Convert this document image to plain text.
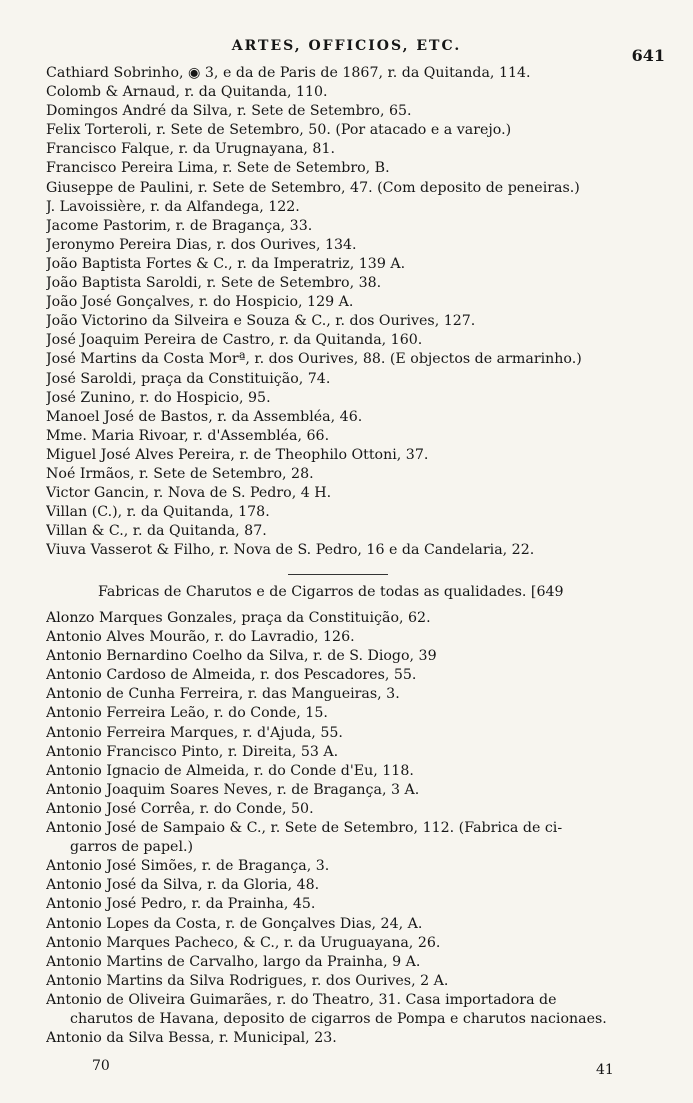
ARTES, OFFICIOS, ETC.	641
Cathiard Sobrinho, ◉ 3, e da de Paris de 1867, r. da Quitanda, 114.
Colomb & Arnaud, r. da Quitanda, 110.
Domingos André da Silva, r. Sete de Setembro, 65.
Felix Torteroli, r. Sete de Setembro, 50. (Por atacado e a varejo.)
Francisco Falque, r. da Urugnayana, 81.
Francisco Pereira Lima, r. Sete de Setembro, B.
Giuseppe de Paulini, r. Sete de Setembro, 47. (Com deposito de peneiras.)
J. Lavoissière, r. da Alfandega, 122.
Jacome Pastorim, r. de Bragança, 33.
Jeronymo Pereira Dias, r. dos Ourives, 134.
João Baptista Fortes & C., r. da Imperatriz, 139 A.
João Baptista Saroldi, r. Sete de Setembro, 38.
João José Gonçalves, r. do Hospicio, 129 A.
João Victorino da Silveira e Souza & C., r. dos Ourives, 127.
José Joaquim Pereira de Castro, r. da Quitanda, 160.
José Martins da Costa Morª, r. dos Ourives, 88. (E objectos de armarinho.)
José Saroldi, praça da Constituição, 74.
José Zunino, r. do Hospicio, 95.
Manoel José de Bastos, r. da Assembléa, 46.
Mme. Maria Rivoar, r. d'Assembléa, 66.
Miguel José Alves Pereira, r. de Theophilo Ottoni, 37.
Noé Irmãos, r. Sete de Setembro, 28.
Victor Gancin, r. Nova de S. Pedro, 4 H.
Villan (C.), r. da Quitanda, 178.
Villan & C., r. da Quitanda, 87.
Viuva Vasserot & Filho, r. Nova de S. Pedro, 16 e da Candelaria, 22.
Fabricas de Charutos e de Cigarros de todas as qualidades. [649
Alonzo Marques Gonzales, praça da Constituição, 62.
Antonio Alves Mourão, r. do Lavradio, 126.
Antonio Bernardino Coelho da Silva, r. de S. Diogo, 39
Antonio Cardoso de Almeida, r. dos Pescadores, 55.
Antonio de Cunha Ferreira, r. das Mangueiras, 3.
Antonio Ferreira Leão, r. do Conde, 15.
Antonio Ferreira Marques, r. d'Ajuda, 55.
Antonio Francisco Pinto, r. Direita, 53 A.
Antonio Ignacio de Almeida, r. do Conde d'Eu, 118.
Antonio Joaquim Soares Neves, r. de Bragança, 3 A.
Antonio José Corrêa, r. do Conde, 50.
Antonio José de Sampaio & C., r. Sete de Setembro, 112. (Fabrica de ci-
garros de papel.)
Antonio José Simões, r. de Bragança, 3.
Antonio José da Silva, r. da Gloria, 48.
Antonio José Pedro, r. da Prainha, 45.
Antonio Lopes da Costa, r. de Gonçalves Dias, 24, A.
Antonio Marques Pacheco, & C., r. da Uruguayana, 26.
Antonio Martins de Carvalho, largo da Prainha, 9 A.
Antonio Martins da Silva Rodrigues, r. dos Ourives, 2 A.
Antonio de Oliveira Guimarães, r. do Theatro, 31. Casa importadora de
charutos de Havana, deposito de cigarros de Pompa e charutos nacionaes.
Antonio da Silva Bessa, r. Municipal, 23.
70	41
